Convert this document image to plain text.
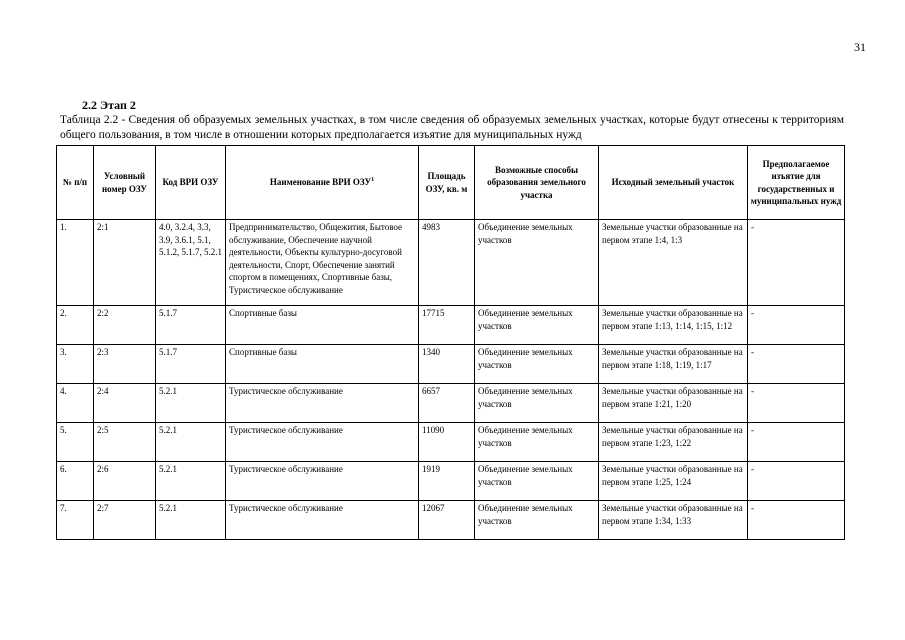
31
2.2 Этап 2
Таблица 2.2 - Сведения об образуемых земельных участках, в том числе сведения об образуемых земельных участках, которые будут отнесены к территориям общего пользования, в том числе в отношении которых предполагается изъятие для муниципальных нужд
№ п/п	Условный номер ОЗУ	Код ВРИ ОЗУ	Наименование ВРИ ОЗУ$^1$	Площадь ОЗУ, кв. м	Возможные способы образования земельного участка	Исходный земельный участок	Предполагаемое изъятие для государственных и муниципальных нужд
1.	2:1	4.0, 3.2.4, 3.3, 3.9, 3.6.1, 5.1, 5.1.2, 5.1.7, 5.2.1	Предпринимательство, Общежития, Бытовое обслуживание, Обеспечение научной деятельности, Объекты культурно-досуговой деятельности, Спорт, Обеспечение занятий спортом в помещениях, Спортивные базы, Туристическое обслуживание	4983	Объединение земельных участков	Земельные участки образованные на первом этапе 1:4, 1:3	-
2.	2:2	5.1.7	Спортивные базы	17715	Объединение земельных участков	Земельные участки образованные на первом этапе 1:13, 1:14, 1:15, 1:12	-
3.	2:3	5.1.7	Спортивные базы	1340	Объединение земельных участков	Земельные участки образованные на первом этапе 1:18, 1:19, 1:17	-
4.	2:4	5.2.1	Туристическое обслуживание	6657	Объединение земельных участков	Земельные участки образованные на первом этапе 1:21, 1:20	-
5.	2:5	5.2.1	Туристическое обслуживание	11090	Объединение земельных участков	Земельные участки образованные на первом этапе 1:23, 1:22	-
6.	2:6	5.2.1	Туристическое обслуживание	1919	Объединение земельных участков	Земельные участки образованные на первом этапе 1:25, 1:24	-
7.	2:7	5.2.1	Туристическое обслуживание	12067	Объединение земельных участков	Земельные участки образованные на первом этапе 1:34, 1:33	-
